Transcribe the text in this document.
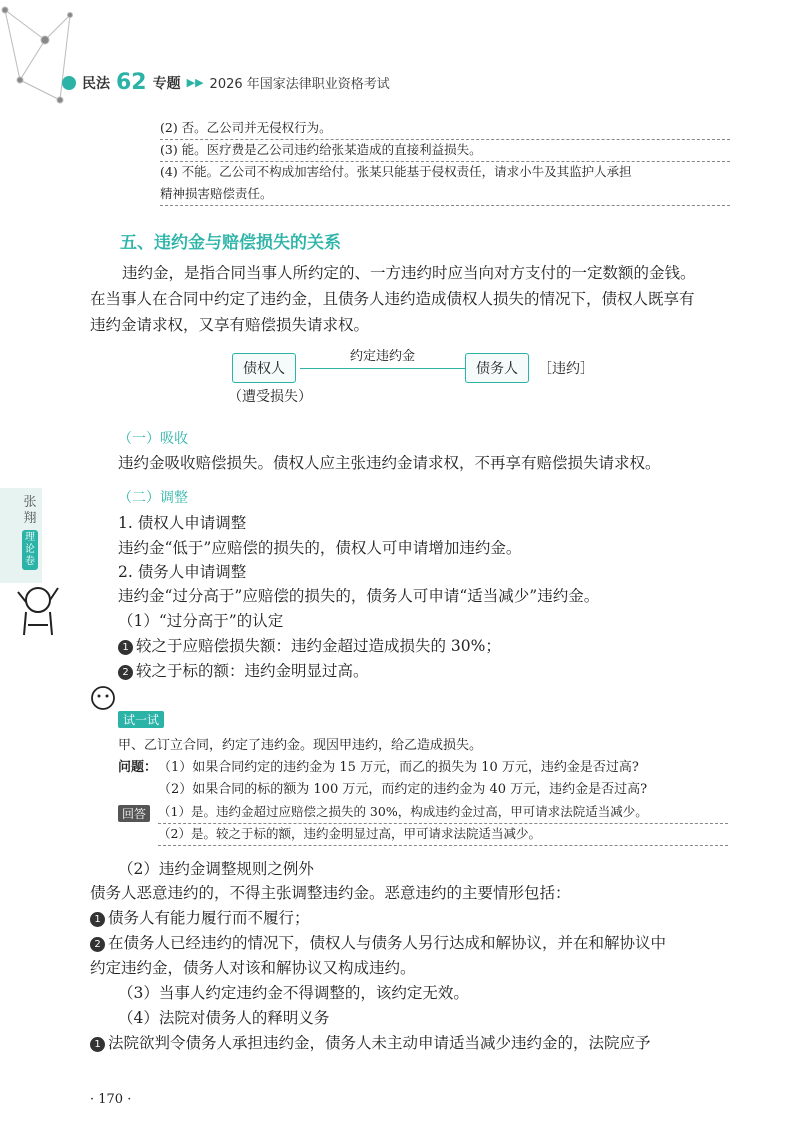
民法 62 专题 ▶▶ 2026 年国家法律职业资格考试
(2) 否。乙公司并无侵权行为。
(3) 能。医疗费是乙公司违约给张某造成的直接利益损失。
(4) 不能。乙公司不构成加害给付。张某只能基于侵权责任，请求小牛及其监护人承担
精神损害赔偿责任。
五、违约金与赔偿损失的关系
违约金，是指合同当事人所约定的、一方违约时应当向对方支付的一定数额的金钱。
在当事人在合同中约定了违约金，且债务人违约造成债权人损失的情况下，债权人既享有
违约金请求权，又享有赔偿损失请求权。
约定违约金
债权人	债务人	［违约］
（遭受损失）
（一）吸收
违约金吸收赔偿损失。债权人应主张违约金请求权，不再享有赔偿损失请求权。
（二）调整
张翔
理论卷
1. 债权人申请调整
违约金“低于”应赔偿的损失的，债权人可申请增加违约金。
2. 债务人申请调整
违约金“过分高于”应赔偿的损失的，债务人可申请“适当减少”违约金。
（1）“过分高于”的认定
1 较之于应赔偿损失额：违约金超过造成损失的 30%；
2 较之于标的额：违约金明显过高。
试一试
甲、乙订立合同，约定了违约金。现因甲违约，给乙造成损失。
问题： （1）如果合同约定的违约金为 15 万元，而乙的损失为 10 万元，违约金是否过高?
（2）如果合同的标的额为 100 万元，而约定的违约金为 40 万元，违约金是否过高?
回答 （1）是。违约金超过应赔偿之损失的 30%，构成违约金过高，甲可请求法院适当减少。
（2）是。较之于标的额，违约金明显过高，甲可请求法院适当减少。
（2）违约金调整规则之例外
债务人恶意违约的，不得主张调整违约金。恶意违约的主要情形包括：
1 债务人有能力履行而不履行；
2 在债务人已经违约的情况下，债权人与债务人另行达成和解协议，并在和解协议中
约定违约金，债务人对该和解协议又构成违约。
（3）当事人约定违约金不得调整的，该约定无效。
（4）法院对债务人的释明义务
1 法院欲判令债务人承担违约金，债务人未主动申请适当减少违约金的，法院应予
· 170 ·
